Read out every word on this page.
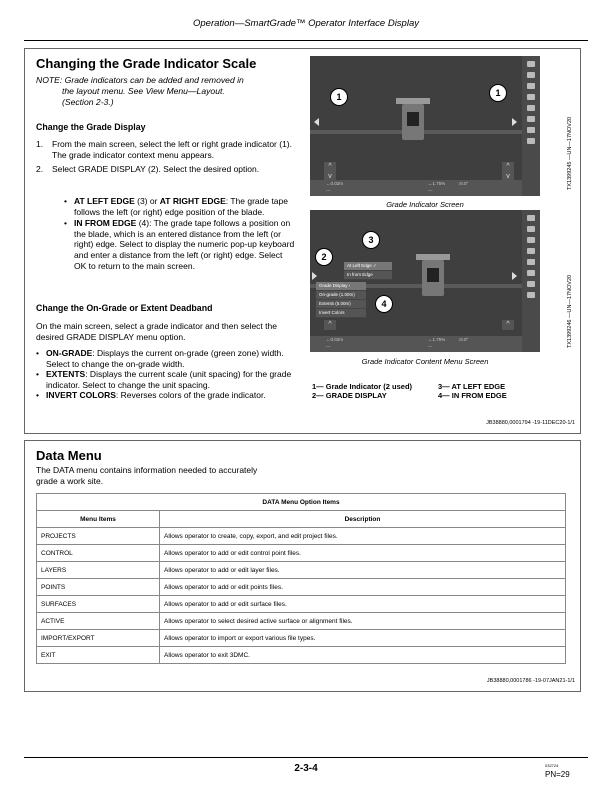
Operation—SmartGrade™ Operator Interface Display
Changing the Grade Indicator Scale
NOTE: Grade indicators can be added and removed in
the layout menu. See View Menu—Layout.
(Section 2-3.)
Change the Grade Display
1. From the main screen, select the left or right grade indicator (1). The grade indicator context menu appears.
2. Select GRADE DISPLAY (2). Select the desired option.
• AT LEFT EDGE (3) or AT RIGHT EDGE: The grade tape follows the left (or right) edge position of the blade.
• IN FROM EDGE (4): The grade tape follows a position on the blade, which is an entered distance from the left (or right) edge. Select to display the numeric pop-up keyboard and enter a distance from the left (or right) edge. Select OK to return to the main screen.
Change the On-Grade or Extent Deadband
On the main screen, select a grade indicator and then select the desired GRADE DISPLAY menu option.
• ON-GRADE: Displays the current on-grade (green zone) width. Select to change the on-grade width.
• EXTENTS: Displays the current scale (unit spacing) for the grade indicator. Select to change the unit spacing.
• INVERT COLORS: Reverses colors of the grade indicator.
^
v
^
v
←0.02m
---
←1.75%	↕0.0°
---
1	1
Grade Indicator Screen
TX1399245 —UN—17NOV20
^	^
At Left Edge ✓
In from Edge
Grade Display ›
On-grade (1.00m)
Extents (5.00m)
Invert Colors
←0.02m
---
←1.75%	↕0.0°
---
2
3
4
Grade Indicator Content Menu Screen
TX1399246 —UN—17NOV20
1— Grade Indicator (2 used)	3— AT LEFT EDGE
2— GRADE DISPLAY	4— IN FROM EDGE
JB38880,0001794 -19-11DEC20-1/1
Data Menu
The DATA menu contains information needed to accurately grade a work site.
DATA Menu Option Items	
Menu Items	Description
PROJECTS	Allows operator to create, copy, export, and edit project files.
CONTROL	Allows operator to add or edit control point files.
LAYERS	Allows operator to add or edit layer files.
POINTS	Allows operator to add or edit points files.
SURFACES	Allows operator to add or edit surface files.
ACTIVE	Allows operator to select desired active surface or alignment files.
IMPORT/EXPORT	Allows operator to import or export various file types.
EXIT	Allows operator to exit 3DMC.
JB38880,0001786 -19-07JAN21-1/1
2-3-4	032724
PN=29
